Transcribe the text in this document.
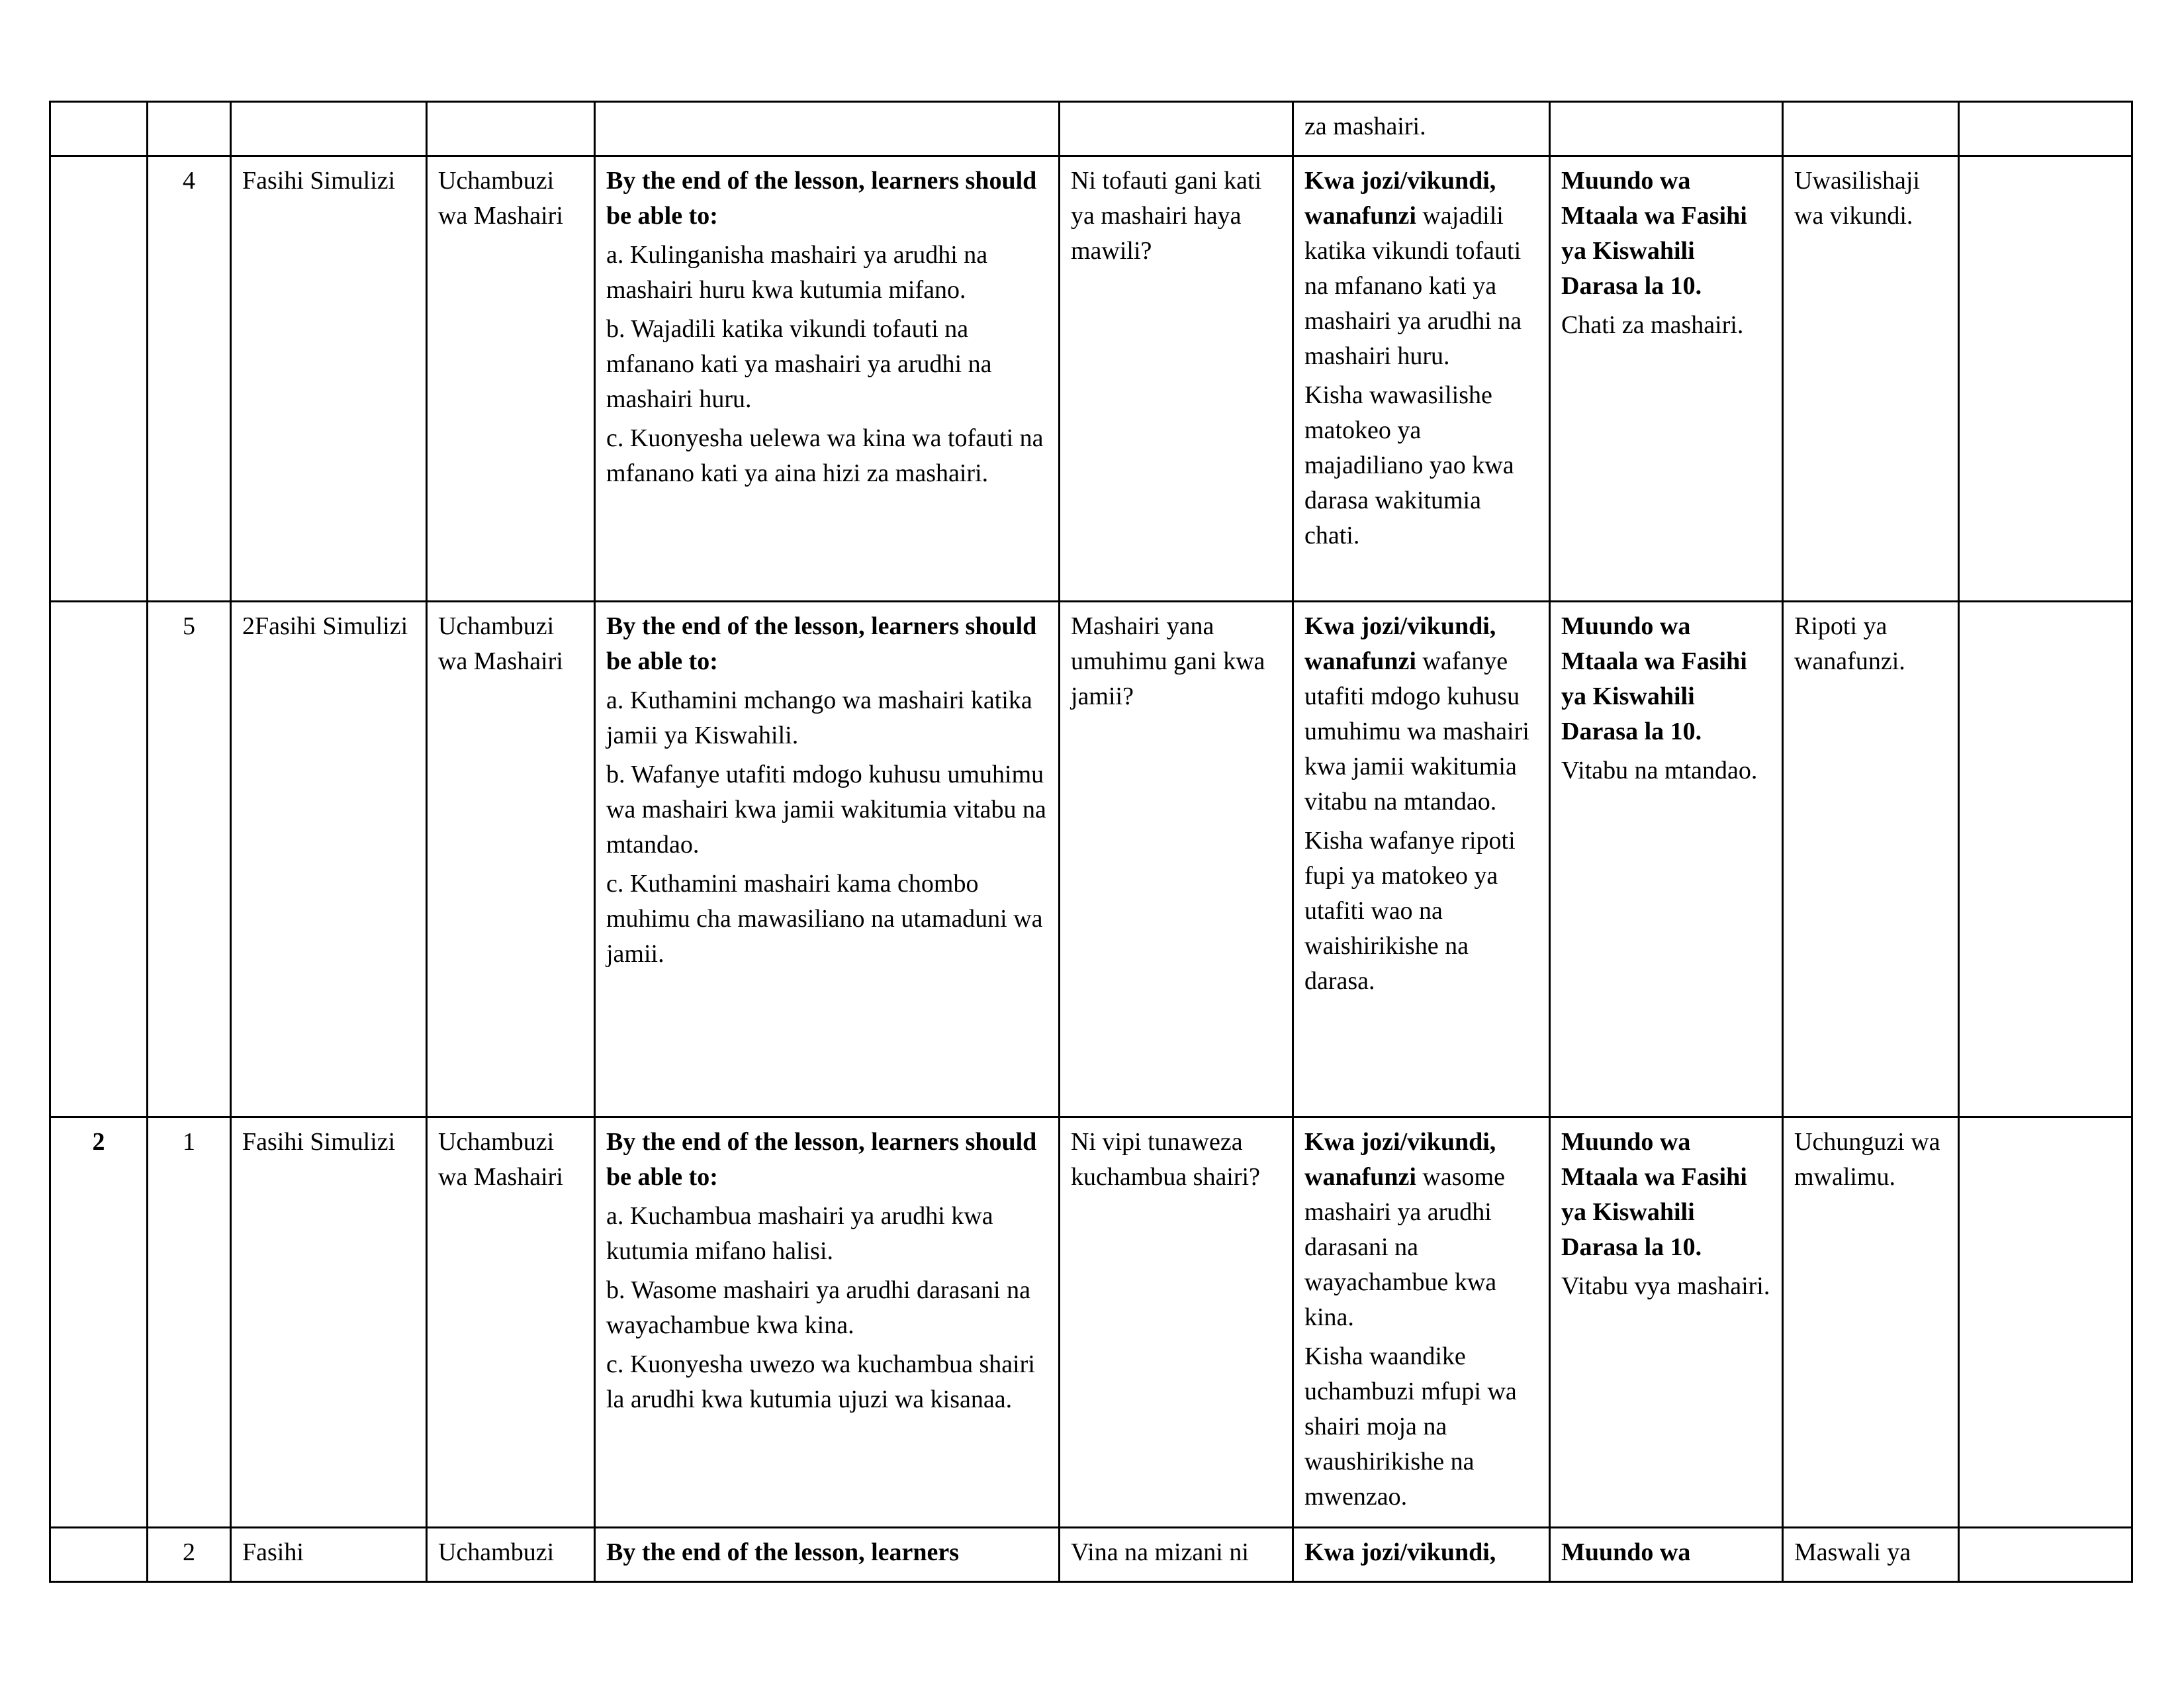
						za mashairi.			

	4	Fasihi Simulizi	Uchambuzi wa Mashairi	By the end of the lesson, learners should be able to:
a. Kulinganisha mashairi ya arudhi na mashairi huru kwa kutumia mifano.
b. Wajadili katika vikundi tofauti na mfanano kati ya mashairi ya arudhi na mashairi huru.
c. Kuonyesha uelewa wa kina wa tofauti na mfanano kati ya aina hizi za mashairi.	Ni tofauti gani kati ya mashairi haya mawili?	Kwa jozi/vikundi, wanafunzi wajadili katika vikundi tofauti na mfanano kati ya mashairi ya arudhi na mashairi huru.
Kisha wawasilishe matokeo ya majadiliano yao kwa darasa wakitumia chati.	Muundo wa Mtaala wa Fasihi ya Kiswahili Darasa la 10.
Chati za mashairi.	Uwasilishaji wa vikundi.	
	5	2Fasihi Simulizi	Uchambuzi wa Mashairi	By the end of the lesson, learners should be able to:
a. Kuthamini mchango wa mashairi katika jamii ya Kiswahili.
b. Wafanye utafiti mdogo kuhusu umuhimu wa mashairi kwa jamii wakitumia vitabu na mtandao.
c. Kuthamini mashairi kama chombo muhimu cha mawasiliano na utamaduni wa jamii.	Mashairi yana umuhimu gani kwa jamii?	Kwa jozi/vikundi, wanafunzi wafanye utafiti mdogo kuhusu umuhimu wa mashairi kwa jamii wakitumia vitabu na mtandao.
Kisha wafanye ripoti fupi ya matokeo ya utafiti wao na waishirikishe na darasa.	Muundo wa Mtaala wa Fasihi ya Kiswahili Darasa la 10.
Vitabu na mtandao.	Ripoti ya wanafunzi.	
2	1	Fasihi Simulizi	Uchambuzi wa Mashairi	By the end of the lesson, learners should be able to:
a. Kuchambua mashairi ya arudhi kwa kutumia mifano halisi.
b. Wasome mashairi ya arudhi darasani na wayachambue kwa kina.
c. Kuonyesha uwezo wa kuchambua shairi la arudhi kwa kutumia ujuzi wa kisanaa.	Ni vipi tunaweza kuchambua shairi?	Kwa jozi/vikundi, wanafunzi wasome mashairi ya arudhi darasani na wayachambue kwa kina.
Kisha waandike uchambuzi mfupi wa shairi moja na waushirikishe na mwenzao.	Muundo wa Mtaala wa Fasihi ya Kiswahili Darasa la 10.
Vitabu vya mashairi.	Uchunguzi wa mwalimu.	
	2	Fasihi	Uchambuzi	By the end of the lesson, learners	Vina na mizani ni	Kwa jozi/vikundi,	Muundo wa	Maswali ya	
